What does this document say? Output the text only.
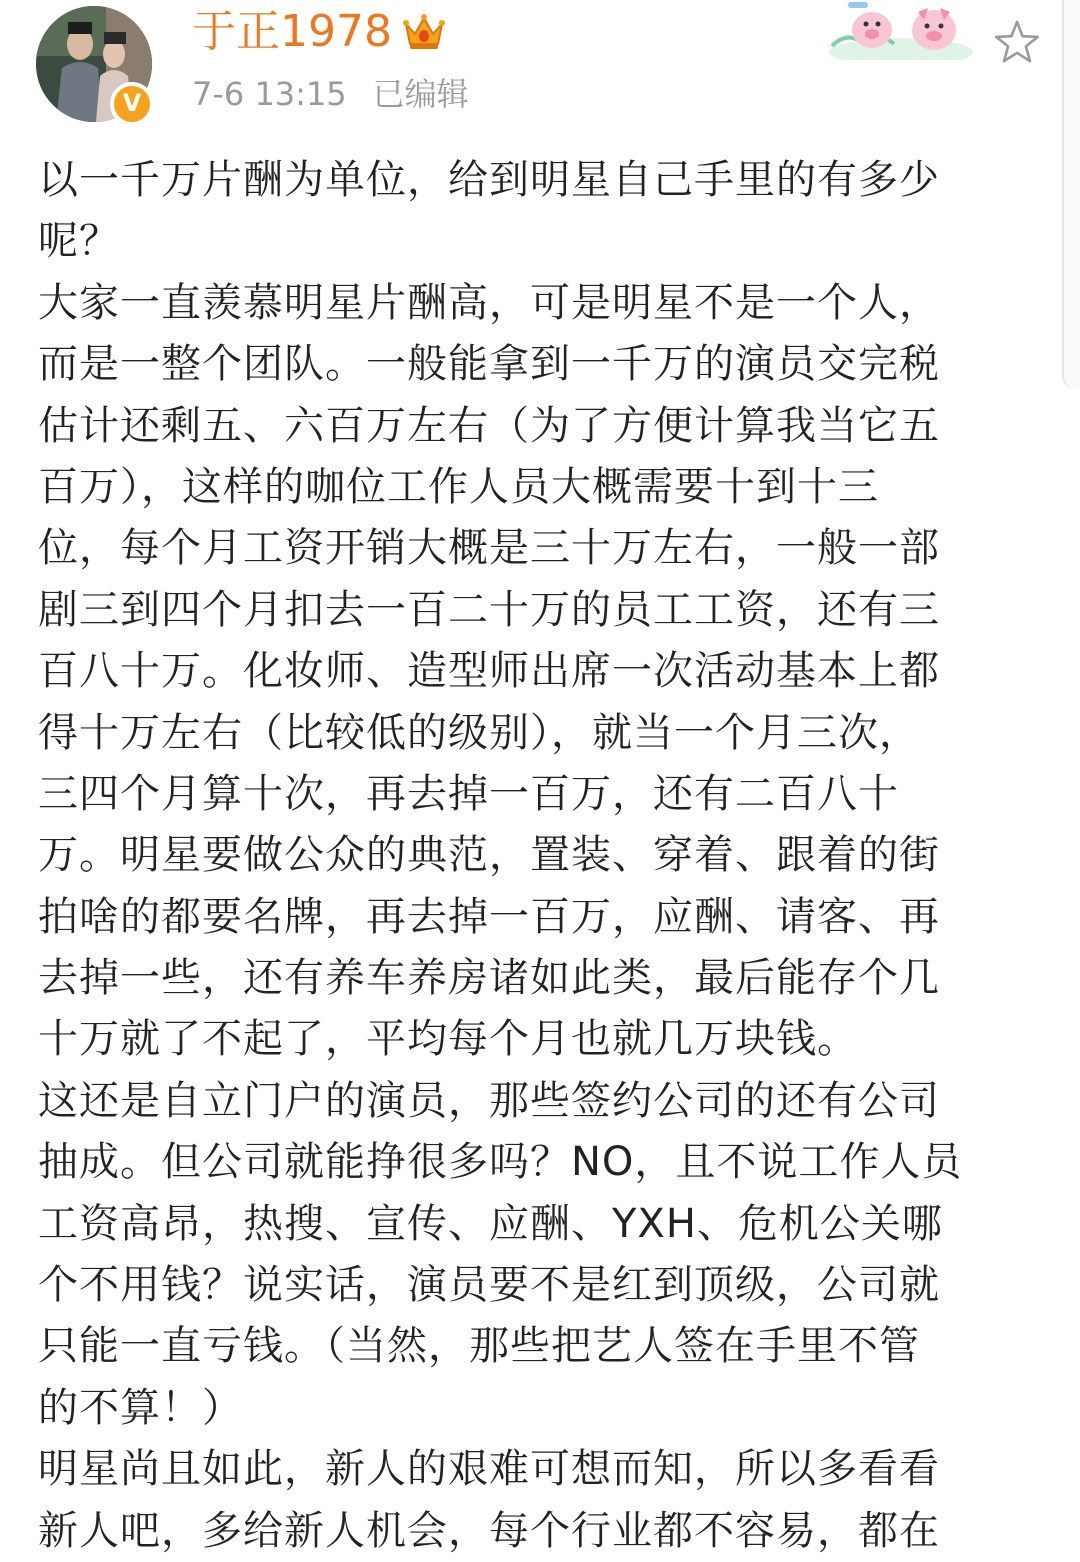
V
于正1978
7-6 13:15 已编辑
以一千万片酬为单位，给到明星自己手里的有多少
呢？
大家一直羡慕明星片酬高，可是明星不是一个人，
而是一整个团队。一般能拿到一千万的演员交完税
估计还剩五、六百万左右（为了方便计算我当它五
百万），这样的咖位工作人员大概需要十到十三
位，每个月工资开销大概是三十万左右，一般一部
剧三到四个月扣去一百二十万的员工工资，还有三
百八十万。化妆师、造型师出席一次活动基本上都
得十万左右（比较低的级别），就当一个月三次，
三四个月算十次，再去掉一百万，还有二百八十
万。明星要做公众的典范，置装、穿着、跟着的街
拍啥的都要名牌，再去掉一百万，应酬、请客、再
去掉一些，还有养车养房诸如此类，最后能存个几
十万就了不起了，平均每个月也就几万块钱。
这还是自立门户的演员，那些签约公司的还有公司
抽成。但公司就能挣很多吗？NO，且不说工作人员
工资高昂，热搜、宣传、应酬、YXH、危机公关哪
个不用钱？说实话，演员要不是红到顶级，公司就
只能一直亏钱。（当然，那些把艺人签在手里不管
的不算！）
明星尚且如此，新人的艰难可想而知，所以多看看
新人吧，多给新人机会，每个行业都不容易，都在
